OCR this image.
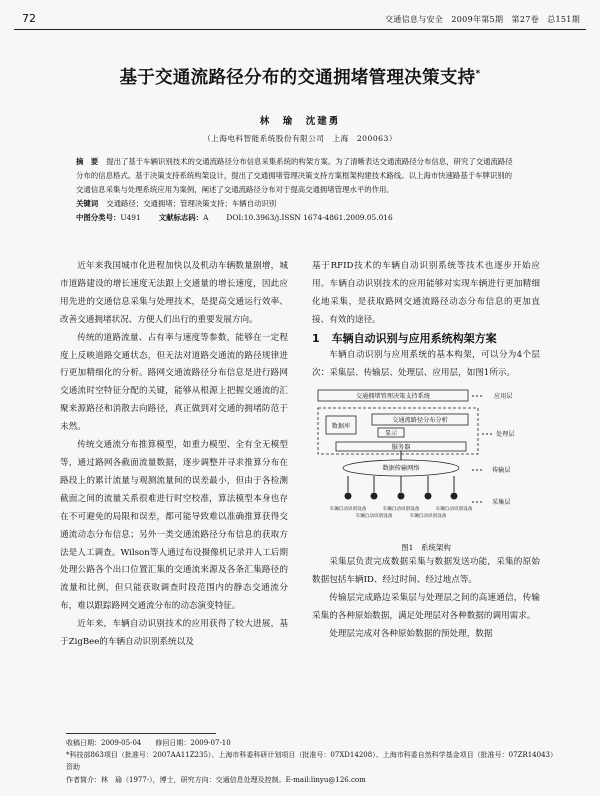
72	交通信息与安全　2009年第5期　第27卷　总151期
基于交通流路径分布的交通拥堵管理决策支持*
林　瑜　沈建勇
（上海电科智能系统股份有限公司　上海　200063）

摘　要 提出了基于车辆识别技术的交通流路径分布信息采集系统的构架方案。为了清晰表达交通流路径分布信息，研究了交通流路径分布的信息格式。基于决策支持系统构架设计，提出了交通拥堵管理决策支持方案框架构建技术路线。以上海市快速路基于车牌识别的交通信息采集与处理系统应用为案例，阐述了交通流路径分布对于提高交通拥堵管理水平的作用。

关键词 交通路径；交通拥堵；管理决策支持；车辆自动识别

中图分类号：U491 文献标志码：A DOI:10.3963/j.ISSN 1674-4861.2009.05.016

近年来我国城市化进程加快以及机动车辆数量剧增，城市道路建设的增长速度无法跟上交通量的增长速度，因此应用先进的交通信息采集与处理技术，是提高交通运行效率、改善交通拥堵状况、方便人们出行的重要发展方向。

传统的道路流量、占有率与速度等参数，能够在一定程度上反映道路交通状态，但无法对道路交通流的路径规律进行更加精细化的分析。路网交通流路径分布信息是进行路网交通流时空特征分配的关键，能够从根源上把握交通流的汇聚来源路径和消散去向路径，真正做到对交通的拥堵防范于未然。

传统交通流分布推算模型，如重力模型、全有全无模型等，通过路网各截面流量数据，逐步调整并寻求推算分布在路段上的累计流量与观测流量间的误差最小，但由于各检测截面之间的流量关系很难进行时空校准，算法模型本身也存在不可避免的局限和误差，都可能导致难以准确推算获得交通流动态分布信息；另外一类交通流路径分布信息的获取方法是人工调查。Wilson等人通过布设摄像机记录并人工后期处理公路各个出口位置汇集的交通流来源及各条汇集路径的流量和比例，但只能获取调查时段范围内的静态交通流分布，难以跟踪路网交通流分布的动态演变特征。

近年来，车辆自动识别技术的应用获得了较大进展，基于ZigBee的车辆自动识别系统以及

基于RFID技术的车辆自动识别系统等技术也逐步开始应用。车辆自动识别技术的应用能够对实现车辆进行更加精细化地采集，是获取路网交通流路径动态分布信息的更加直接、有效的途径。

1 车辆自动识别与应用系统构架方案

车辆自动识别与应用系统的基本构架，可以分为4个层次：采集层、传输层、处理层、应用层，如图1所示。

交通拥堵管理决策支持系统	应用层
数据库
交通流路径分布分析
显示
服务器
处理层
数据传输网络	传输层
车辆自动识别设备
车辆自动识别设备
车辆自动识别设备
车辆自动识别设备
车辆自动识别设备
采集层

图1　系统架构

采集层负责完成数据采集与数据发送功能，采集的原始数据包括车辆ID、经过时间、经过地点等。

传输层完成路边采集层与处理层之间的高速通信，传输采集的各种原始数据，满足处理层对各种数据的调用需求。

处理层完成对各种原始数据的预处理，数据

收稿日期：2009-05-04　　修回日期：2009-07-10

*科技部863项目（批准号：2007AA11Z235）、上海市科委科研计划项目（批准号：07XD14208）、上海市科委自然科学基金项目（批准号：07ZR14043）资助

作者简介：林　瑜（1977-），博士，研究方向：交通信息处理及控制。E-mail:linyu@126.com
